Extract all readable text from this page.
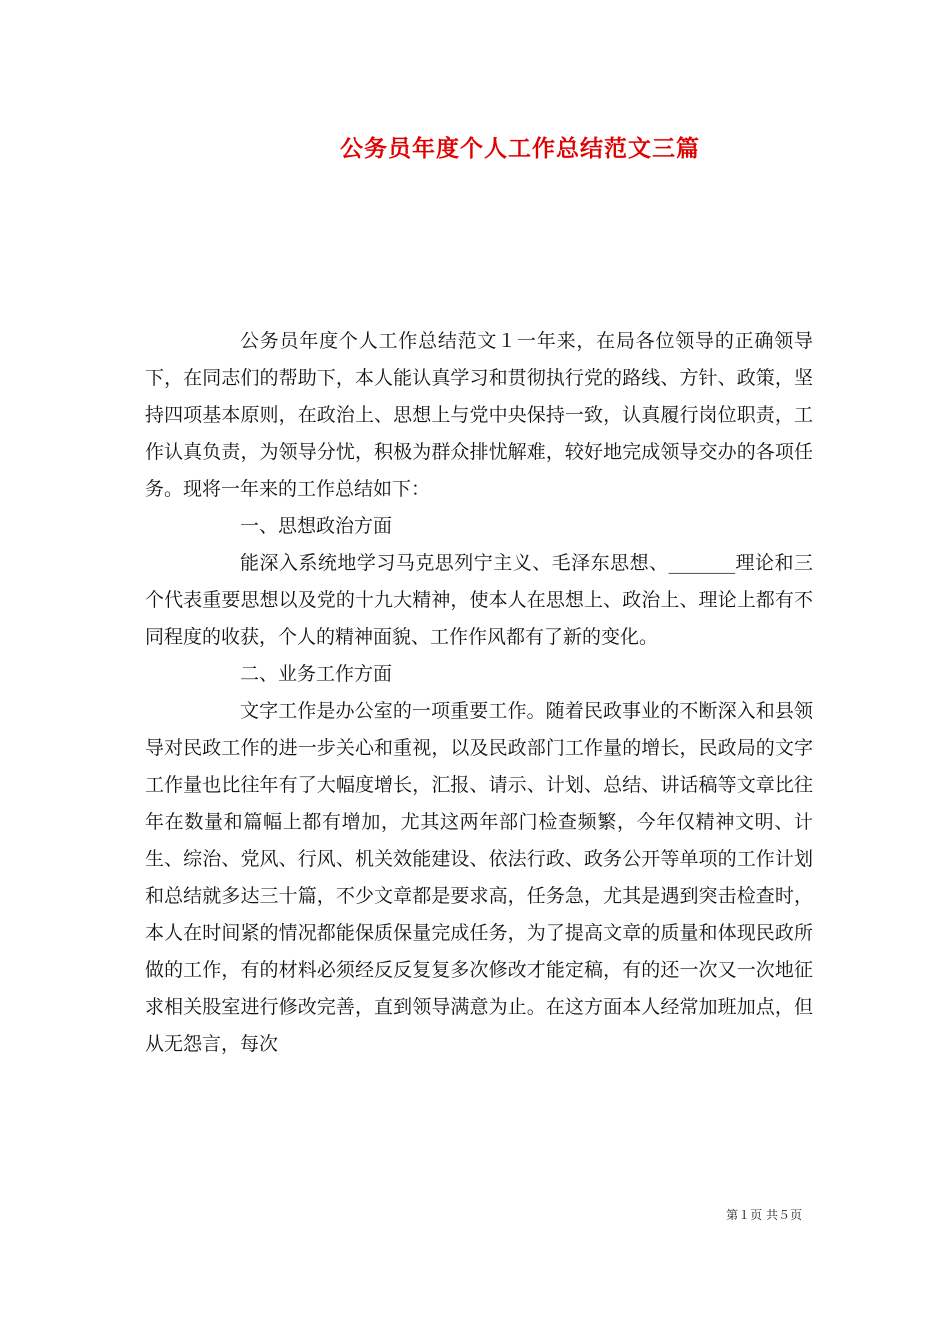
公务员年度个人工作总结范文三篇

公务员年度个人工作总结范文１一年来，在局各位领导的正确领导下，在同志们的帮助下，本人能认真学习和贯彻执行党的路线、方针、政策，坚持四项基本原则，在政治上、思想上与党中央保持一致，认真履行岗位职责，工作认真负责，为领导分忧，积极为群众排忧解难，较好地完成领导交办的各项任务。现将一年来的工作总结如下：

一、思想政治方面

能深入系统地学习马克思列宁主义、毛泽东思想、_______理论和三个代表重要思想以及党的十九大精神，使本人在思想上、政治上、理论上都有不同程度的收获，个人的精神面貌、工作作风都有了新的变化。

二、业务工作方面

文字工作是办公室的一项重要工作。随着民政事业的不断深入和县领导对民政工作的进一步关心和重视，以及民政部门工作量的增长，民政局的文字工作量也比往年有了大幅度增长，汇报、请示、计划、总结、讲话稿等文章比往年在数量和篇幅上都有增加，尤其这两年部门检查频繁，今年仅精神文明、计生、综治、党风、行风、机关效能建设、依法行政、政务公开等单项的工作计划和总结就多达三十篇，不少文章都是要求高，任务急，尤其是遇到突击检查时，本人在时间紧的情况都能保质保量完成任务，为了提高文章的质量和体现民政所做的工作，有的材料必须经反反复复多次修改才能定稿，有的还一次又一次地征求相关股室进行修改完善，直到领导满意为止。在这方面本人经常加班加点，但从无怨言，每次

第１页 共５页
